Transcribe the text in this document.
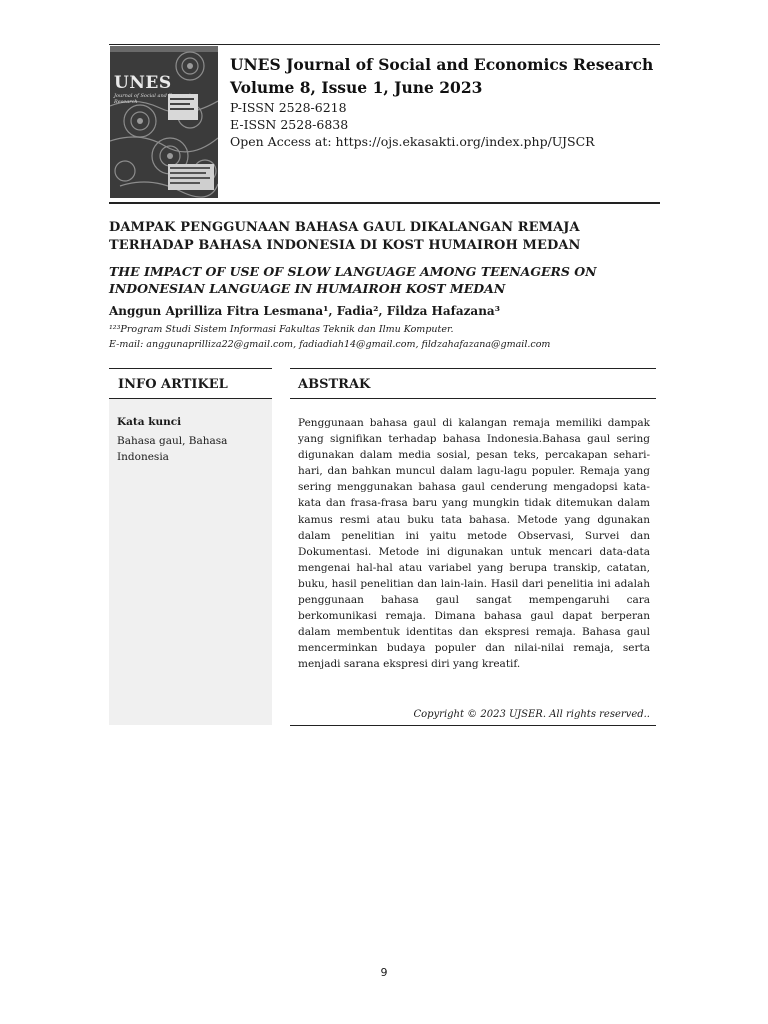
UNES
Journal of Social and Economics Research
UNES Journal of Social and Economics Research
Volume 8, Issue 1, June 2023
P-ISSN 2528-6218
E-ISSN 2528-6838
Open Access at: https://ojs.ekasakti.org/index.php/UJSCR
DAMPAK PENGGUNAAN BAHASA GAUL DIKALANGAN REMAJA
TERHADAP BAHASA INDONESIA DI KOST HUMAIROH MEDAN
THE IMPACT OF USE OF SLOW LANGUAGE AMONG TEENAGERS ON
INDONESIAN LANGUAGE IN HUMAIROH KOST MEDAN
Anggun Aprilliza Fitra Lesmana¹, Fadia², Fildza Hafazana³
¹²³Program Studi Sistem Informasi Fakultas Teknik dan Ilmu Komputer.
E-mail: anggunaprilliza22@gmail.com, fadiadiah14@gmail.com, fildzahafazana@gmail.com
INFO ARTIKEL	ABSTRAK
Kata kunci
Bahasa gaul, Bahasa Indonesia
Penggunaan bahasa gaul di kalangan remaja memiliki dampak yang signifikan terhadap bahasa Indonesia.Bahasa gaul sering digunakan dalam media sosial, pesan teks, percakapan sehari-hari, dan bahkan muncul dalam lagu-lagu populer. Remaja yang sering menggunakan bahasa gaul cenderung mengadopsi kata-kata dan frasa-frasa baru yang mungkin tidak ditemukan dalam kamus resmi atau buku tata bahasa. Metode yang dgunakan dalam penelitian ini yaitu metode Observasi, Survei dan Dokumentasi. Metode ini digunakan untuk mencari data-data mengenai hal-hal atau variabel yang berupa transkip, catatan, buku, hasil penelitian dan lain-lain. Hasil dari penelitia ini adalah penggunaan bahasa gaul sangat mempengaruhi cara berkomunikasi remaja. Dimana bahasa gaul dapat berperan dalam membentuk identitas dan ekspresi remaja. Bahasa gaul mencerminkan budaya populer dan nilai-nilai remaja, serta menjadi sarana ekspresi diri yang kreatif.
Copyright © 2023 UJSER. All rights reserved..
9
